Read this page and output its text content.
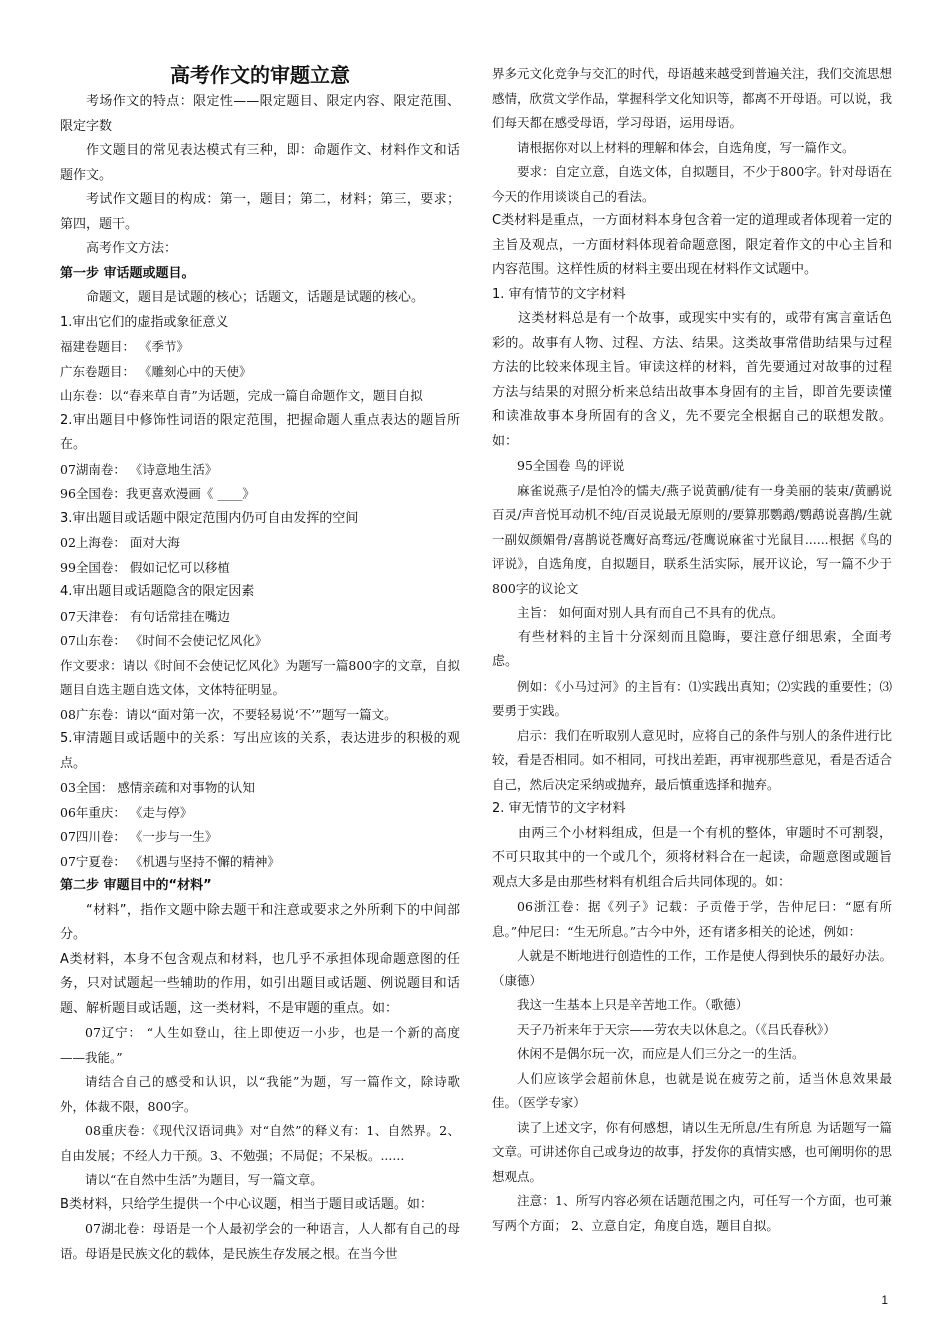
高考作文的审题立意

考场作文的特点：限定性——限定题目、限定内容、限定范围、限定字数

作文题目的常见表达模式有三种，即：命题作文、材料作文和话题作文。

考试作文题目的构成：第一，题目；第二，材料；第三，要求；第四，题干。

高考作文方法：

第一步 审话题或题目。

命题文，题目是试题的核心；话题文，话题是试题的核心。

1.审出它们的虚指或象征意义

福建卷题目： 《季节》

广东卷题目： 《雕刻心中的天使》

山东卷：以“春来草自青”为话题，完成一篇自命题作文，题目自拟

2.审出题目中修饰性词语的限定范围，把握命题人重点表达的题旨所在。

07湖南卷： 《诗意地生活》

96全国卷：我更喜欢漫画《 ____》

3.审出题目或话题中限定范围内仍可自由发挥的空间

02上海卷： 面对大海

99全国卷： 假如记忆可以移植

4.审出题目或话题隐含的限定因素

07天津卷： 有句话常挂在嘴边

07山东卷： 《时间不会使记忆风化》

作文要求：请以《时间不会使记忆风化》为题写一篇800字的文章，自拟题目自选主题自选文体，文体特征明显。

08广东卷：请以“面对第一次，不要轻易说‘不’”题写一篇文。

5.审清题目或话题中的关系：写出应该的关系，表达进步的积极的观点。

03全国： 感情亲疏和对事物的认知

06年重庆： 《走与停》

07四川卷： 《一步与一生》

07宁夏卷： 《机遇与坚持不懈的精神》

第二步 审题目中的“材料”

“材料”，指作文题中除去题干和注意或要求之外所剩下的中间部分。

A类材料，本身不包含观点和材料，也几乎不承担体现命题意图的任务，只对试题起一些辅助的作用，如引出题目或话题、例说题目和话题、解析题目或话题，这一类材料，不是审题的重点。如：

07辽宁： “人生如登山，往上即使迈一小步，也是一个新的高度——我能。”

请结合自己的感受和认识，以“我能”为题，写一篇作文，除诗歌外，体裁不限，800字。

08重庆卷：《现代汉语词典》对“自然”的释义有：1、自然界。2、自由发展；不经人力干预。3、不勉强；不局促；不呆板。......

请以“在自然中生活”为题目，写一篇文章。

B类材料，只给学生提供一个中心议题，相当于题目或话题。如：

07湖北卷：母语是一个人最初学会的一种语言，人人都有自己的母语。母语是民族文化的载体，是民族生存发展之根。在当今世

界多元文化竞争与交汇的时代，母语越来越受到普遍关注，我们交流思想感情，欣赏文学作品，掌握科学文化知识等，都离不开母语。可以说，我们每天都在感受母语，学习母语，运用母语。

请根据你对以上材料的理解和体会，自选角度，写一篇作文。

要求：自定立意，自选文体，自拟题目，不少于800字。针对母语在今天的作用谈谈自己的看法。

C类材料是重点，一方面材料本身包含着一定的道理或者体现着一定的主旨及观点，一方面材料体现着命题意图，限定着作文的中心主旨和内容范围。这样性质的材料主要出现在材料作文试题中。

1. 审有情节的文字材料

这类材料总是有一个故事，或现实中实有的，或带有寓言童话色彩的。故事有人物、过程、方法、结果。这类故事常借助结果与过程方法的比较来体现主旨。审读这样的材料，首先要通过对故事的过程方法与结果的对照分析来总结出故事本身固有的主旨，即首先要读懂和读准故事本身所固有的含义，先不要完全根据自己的联想发散。如：

95全国卷 鸟的评说

麻雀说燕子/是怕冷的懦夫/燕子说黄鹂/徒有一身美丽的装束/黄鹂说百灵/声音悦耳动机不纯/百灵说最无原则的/要算那鹦鹉/鹦鹉说喜鹊/生就一副奴颜媚骨/喜鹊说苍鹰好高骛远/苍鹰说麻雀寸光鼠目......根据《鸟的评说》，自选角度，自拟题目，联系生活实际，展开议论，写一篇不少于800字的议论文

主旨： 如何面对别人具有而自己不具有的优点。

有些材料的主旨十分深刻而且隐晦，要注意仔细思索，全面考虑。

例如：《小马过河》的主旨有：⑴实践出真知；⑵实践的重要性；⑶要勇于实践。

启示：我们在听取别人意见时，应将自己的条件与别人的条件进行比较，看是否相同。如不相同，可找出差距，再审视那些意见，看是否适合自己，然后决定采纳或抛弃，最后慎重选择和抛弃。

2. 审无情节的文字材料

由两三个小材料组成，但是一个有机的整体，审题时不可割裂，不可只取其中的一个或几个，须将材料合在一起读，命题意图或题旨观点大多是由那些材料有机组合后共同体现的。如：

06浙江卷：据《列子》记载：子贡倦于学，告仲尼曰：“愿有所息。”仲尼曰：“生无所息。”古今中外，还有诸多相关的论述，例如：

人就是不断地进行创造性的工作，工作是使人得到快乐的最好办法。 （康德）

我这一生基本上只是辛苦地工作。（歌德）

天子乃祈来年于天宗——劳农夫以休息之。（《吕氏春秋》）

休闲不是偶尔玩一次，而应是人们三分之一的生活。

人们应该学会超前休息，也就是说在疲劳之前，适当休息效果最佳。（医学专家）

读了上述文字，你有何感想，请以生无所息/生有所息 为话题写一篇文章。可讲述你自己或身边的故事，抒发你的真情实感，也可阐明你的思想观点。

注意：1、所写内容必须在话题范围之内，可任写一个方面，也可兼写两个方面； 2、立意自定，角度自选，题目自拟。

1
